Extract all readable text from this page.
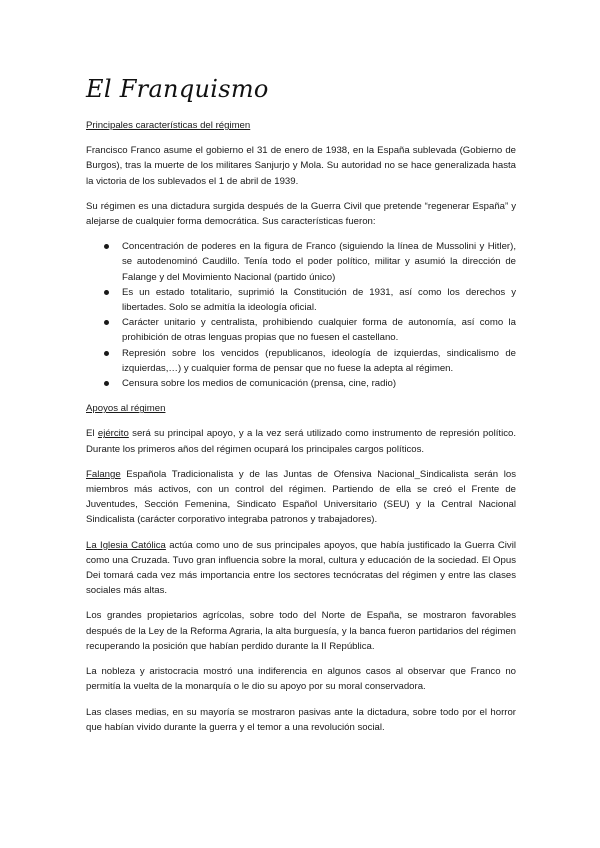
El Franquismo
Principales características del régimen

Francisco Franco asume el gobierno el 31 de enero de 1938, en la España sublevada (Gobierno de Burgos), tras la muerte de los militares Sanjurjo y Mola. Su autoridad no se hace generalizada hasta la victoria de los sublevados el 1 de abril de 1939.

Su régimen es una dictadura surgida después de la Guerra Civil que pretende “regenerar España” y alejarse de cualquier forma democrática. Sus características fueron:

Concentración de poderes en la figura de Franco (siguiendo la línea de Mussolini y Hitler), se autodenominó Caudillo. Tenía todo el poder político, militar y asumió la dirección de Falange y del Movimiento Nacional (partido único)
Es un estado totalitario, suprimió la Constitución de 1931, así como los derechos y libertades. Solo se admitía la ideología oficial.
Carácter unitario y centralista, prohibiendo cualquier forma de autonomía, así como la prohibición de otras lenguas propias que no fuesen el castellano.
Represión sobre los vencidos (republicanos, ideología de izquierdas, sindicalismo de izquierdas,…) y cualquier forma de pensar que no fuese la adepta al régimen.
Censura sobre los medios de comunicación (prensa, cine, radio)
Apoyos al régimen

El ejército será su principal apoyo, y a la vez será utilizado como instrumento de represión político. Durante los primeros años del régimen ocupará los principales cargos políticos.

Falange Española Tradicionalista y de las Juntas de Ofensiva Nacional_Sindicalista serán los miembros más activos, con un control del régimen. Partiendo de ella se creó el Frente de Juventudes, Sección Femenina, Sindicato Español Universitario (SEU) y la Central Nacional Sindicalista (carácter corporativo integraba patronos y trabajadores).

La Iglesia Católica actúa como uno de sus principales apoyos, que había justificado la Guerra Civil como una Cruzada. Tuvo gran influencia sobre la moral, cultura y educación de la sociedad. El Opus Dei tomará cada vez más importancia entre los sectores tecnócratas del régimen y entre las clases sociales más altas.

Los grandes propietarios agrícolas, sobre todo del Norte de España, se mostraron favorables después de la Ley de la Reforma Agraria, la alta burguesía, y la banca fueron partidarios del régimen recuperando la posición que habían perdido durante la II República.

La nobleza y aristocracia mostró una indiferencia en algunos casos al observar que Franco no permitía la vuelta de la monarquía o le dio su apoyo por su moral conservadora.

Las clases medias, en su mayoría se mostraron pasivas ante la dictadura, sobre todo por el horror que habían vivido durante la guerra y el temor a una revolución social.
